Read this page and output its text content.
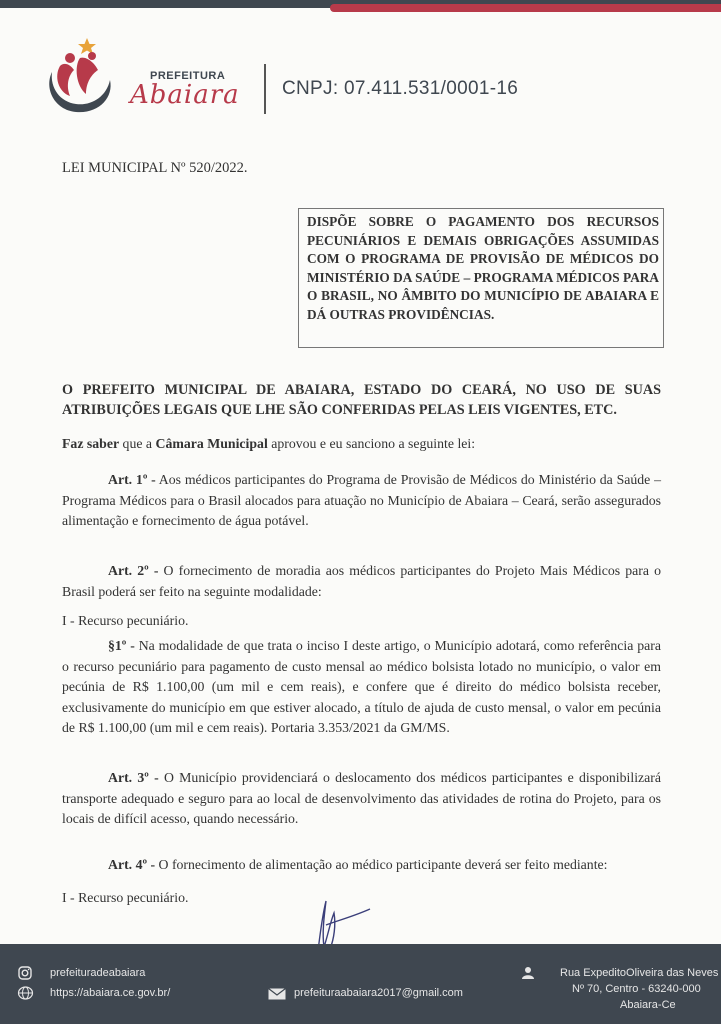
PREFEITURA
Abaiara CNPJ: 07.411.531/0001-16
LEI MUNICIPAL Nº 520/2022.

DISPÕE SOBRE O PAGAMENTO DOS RECURSOS PECUNIÁRIOS E DEMAIS OBRIGAÇÕES ASSUMIDAS COM O PROGRAMA DE PROVISÃO DE MÉDICOS DO MINISTÉRIO DA SAÚDE – PROGRAMA MÉDICOS PARA O BRASIL, NO ÂMBITO DO MUNICÍPIO DE ABAIARA E DÁ OUTRAS PROVIDÊNCIAS.

O PREFEITO MUNICIPAL DE ABAIARA, ESTADO DO CEARÁ, NO USO DE SUAS ATRIBUIÇÕES LEGAIS QUE LHE SÃO CONFERIDAS PELAS LEIS VIGENTES, ETC.

Faz saber que a Câmara Municipal aprovou e eu sanciono a seguinte lei:

Art. 1º - Aos médicos participantes do Programa de Provisão de Médicos do Ministério da Saúde – Programa Médicos para o Brasil alocados para atuação no Município de Abaiara – Ceará, serão assegurados alimentação e fornecimento de água potável.

Art. 2º - O fornecimento de moradia aos médicos participantes do Projeto Mais Médicos para o Brasil poderá ser feito na seguinte modalidade:

I - Recurso pecuniário.

§1º - Na modalidade de que trata o inciso I deste artigo, o Município adotará, como referência para o recurso pecuniário para pagamento de custo mensal ao médico bolsista lotado no município, o valor em pecúnia de R$ 1.100,00 (um mil e cem reais), e confere que é direito do médico bolsista receber, exclusivamente do município em que estiver alocado, a título de ajuda de custo mensal, o valor em pecúnia de R$ 1.100,00 (um mil e cem reais). Portaria 3.353/2021 da GM/MS.

Art. 3º - O Município providenciará o deslocamento dos médicos participantes e disponibilizará transporte adequado e seguro para ao local de desenvolvimento das atividades de rotina do Projeto, para os locais de difícil acesso, quando necessário.

Art. 4º - O fornecimento de alimentação ao médico participante deverá ser feito mediante:

I - Recurso pecuniário.

prefeituradeabaiara
https://abaiara.ce.gov.br/	prefeituraabaiara2017@gmail.com
Rua ExpeditoOliveira das Neves
Nº 70, Centro - 63240-000
Abaiara-Ce
